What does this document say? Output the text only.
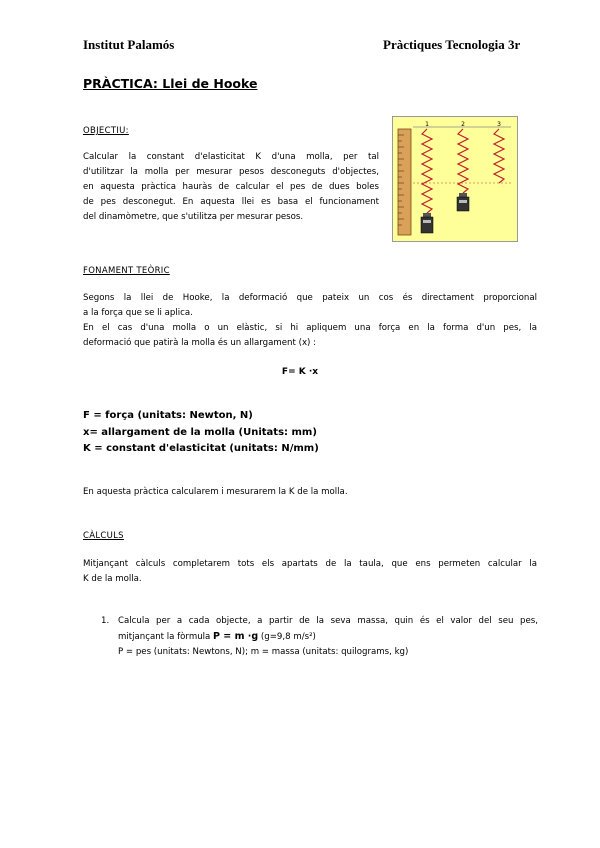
Institut Palamós	Pràctiques Tecnologia 3r
PRÀCTICA: Llei de Hooke
OBJECTIU:
Calcular la constant d'elasticitat K d'una molla, per tal
d'utilitzar la molla per mesurar pesos desconeguts d'objectes,
en aquesta pràctica hauràs de calcular el pes de dues boles
de pes desconegut. En aquesta llei es basa el funcionament
del dinamòmetre, que s'utilitza per mesurar pesos.
1	2	3
FONAMENT TEÒRIC
Segons la llei de Hooke, la deformació que pateix un cos és directament proporcional
a la força que se li aplica.
En el cas d'una molla o un elàstic, si hi apliquem una força en la forma d'un pes, la
deformació que patirà la molla és un allargament (x) :
F= K ·x
F = força (unitats: Newton, N)
x= allargament de la molla (Unitats: mm)
K = constant d'elasticitat (unitats: N/mm)
En aquesta pràctica calcularem i mesurarem la K de la molla.
CÀLCULS
Mitjançant càlculs completarem tots els apartats de la taula, que ens permeten calcular la
K de la molla.
1. Calcula per a cada objecte, a partir de la seva massa, quin és el valor del seu pes,
mitjançant la fòrmula P = m ·g (g=9,8 m/s²)
P = pes (unitats: Newtons, N); m = massa (unitats: quilograms, kg)
